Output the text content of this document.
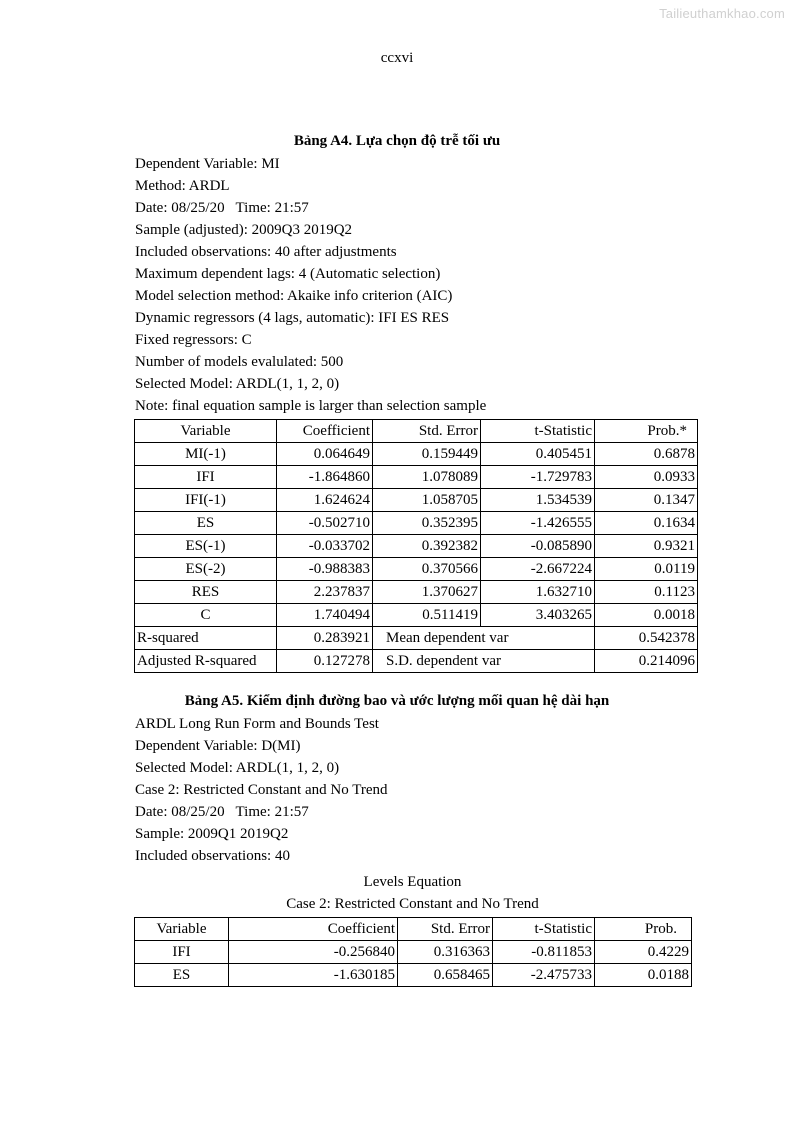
Tailieuthamkhao.com
ccxvi
Bảng A4. Lựa chọn độ trễ tối ưu
Dependent Variable: MI
Method: ARDL
Date: 08/25/20   Time: 21:57
Sample (adjusted): 2009Q3 2019Q2
Included observations: 40 after adjustments
Maximum dependent lags: 4 (Automatic selection)
Model selection method: Akaike info criterion (AIC)
Dynamic regressors (4 lags, automatic): IFI ES RES
Fixed regressors: C
Number of models evalulated: 500
Selected Model: ARDL(1, 1, 2, 0)
Note: final equation sample is larger than selection sample
Variable	Coefficient	Std. Error	t-Statistic	Prob.*
MI(-1)	0.064649	0.159449	0.405451	0.6878
IFI	-1.864860	1.078089	-1.729783	0.0933
IFI(-1)	1.624624	1.058705	1.534539	0.1347
ES	-0.502710	0.352395	-1.426555	0.1634
ES(-1)	-0.033702	0.392382	-0.085890	0.9321
ES(-2)	-0.988383	0.370566	-2.667224	0.0119
RES	2.237837	1.370627	1.632710	0.1123
C	1.740494	0.511419	3.403265	0.0018
R-squared	0.283921	Mean dependent var		0.542378
Adjusted R-squared	0.127278	S.D. dependent var		0.214096
Bảng A5. Kiểm định đường bao và ước lượng mối quan hệ dài hạn
ARDL Long Run Form and Bounds Test
Dependent Variable: D(MI)
Selected Model: ARDL(1, 1, 2, 0)
Case 2: Restricted Constant and No Trend
Date: 08/25/20   Time: 21:57
Sample: 2009Q1 2019Q2
Included observations: 40
Levels Equation
Case 2: Restricted Constant and No Trend
Variable	Coefficient	Std. Error	t-Statistic	Prob.
IFI	-0.256840	0.316363	-0.811853	0.4229
ES	-1.630185	0.658465	-2.475733	0.0188
